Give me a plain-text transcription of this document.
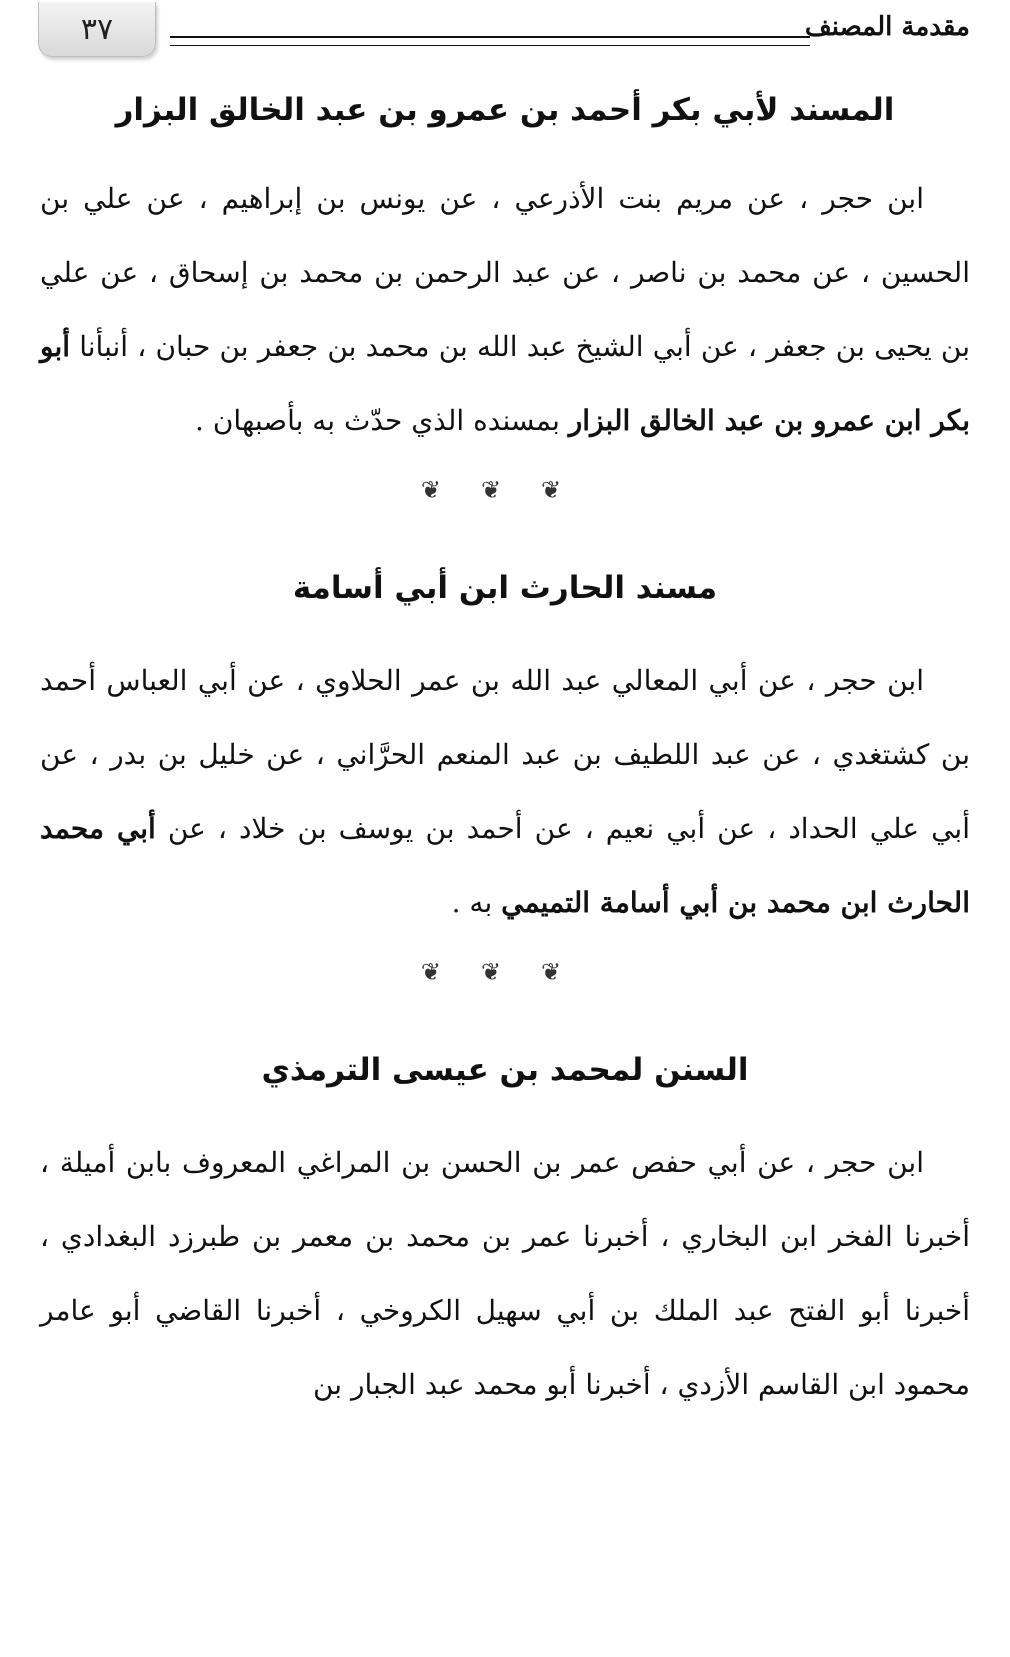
٣٧	مقدمة المصنف
المسند لأبي بكر أحمد بن عمرو بن عبد الخالق البزار

ابن حجر ، عن مريم بنت الأذرعي ، عن يونس بن إبراهيم ، عن علي بن الحسين ، عن محمد بن ناصر ، عن عبد الرحمن بن محمد بن إسحاق ، عن علي بن يحيى بن جعفر ، عن أبي الشيخ عبد الله بن محمد بن جعفر بن حبان ، أنبأنا أبو بكر ابن عمرو بن عبد الخالق البزار بمسنده الذي حدّث به بأصبهان .

❦ ❦ ❦
مسند الحارث ابن أبي أسامة

ابن حجر ، عن أبي المعالي عبد الله بن عمر الحلاوي ، عن أبي العباس أحمد بن كشتغدي ، عن عبد اللطيف بن عبد المنعم الحرَّاني ، عن خليل بن بدر ، عن أبي علي الحداد ، عن أبي نعيم ، عن أحمد بن يوسف بن خلاد ، عن أبي محمد الحارث ابن محمد بن أبي أسامة التميمي به .

❦ ❦ ❦
السنن لمحمد بن عيسى الترمذي

ابن حجر ، عن أبي حفص عمر بن الحسن بن المراغي المعروف بابن أميلة ، أخبرنا الفخر ابن البخاري ، أخبرنا عمر بن محمد بن معمر بن طبرزد البغدادي ، أخبرنا أبو الفتح عبد الملك بن أبي سهيل الكروخي ، أخبرنا القاضي أبو عامر محمود ابن القاسم الأزدي ، أخبرنا أبو محمد عبد الجبار بن
